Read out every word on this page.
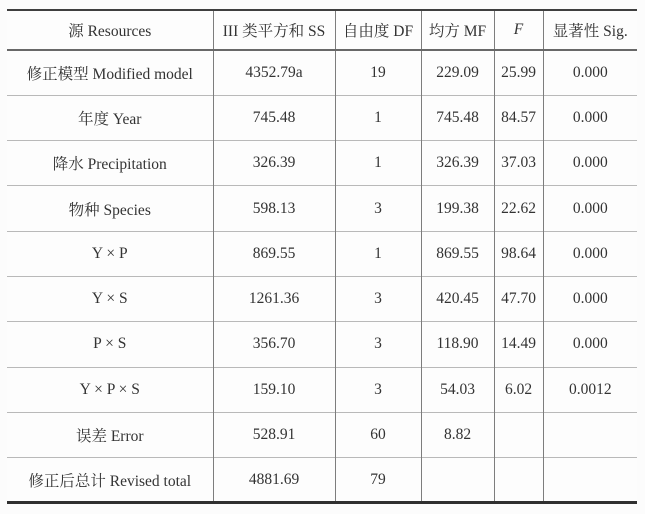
源 Resources	III 类平方和 SS	自由度 DF	均方 MF	F	显著性 Sig.
修正模型 Modified model	4352.79a	19	229.09	25.99	0.000
年度 Year	745.48	1	745.48	84.57	0.000
降水 Precipitation	326.39	1	326.39	37.03	0.000
物种 Species	598.13	3	199.38	22.62	0.000
Y × P	869.55	1	869.55	98.64	0.000
Y × S	1261.36	3	420.45	47.70	0.000
P × S	356.70	3	118.90	14.49	0.000
Y × P × S	159.10	3	54.03	6.02	0.0012
误差 Error	528.91	60	8.82		
修正后总计 Revised total	4881.69	79			
